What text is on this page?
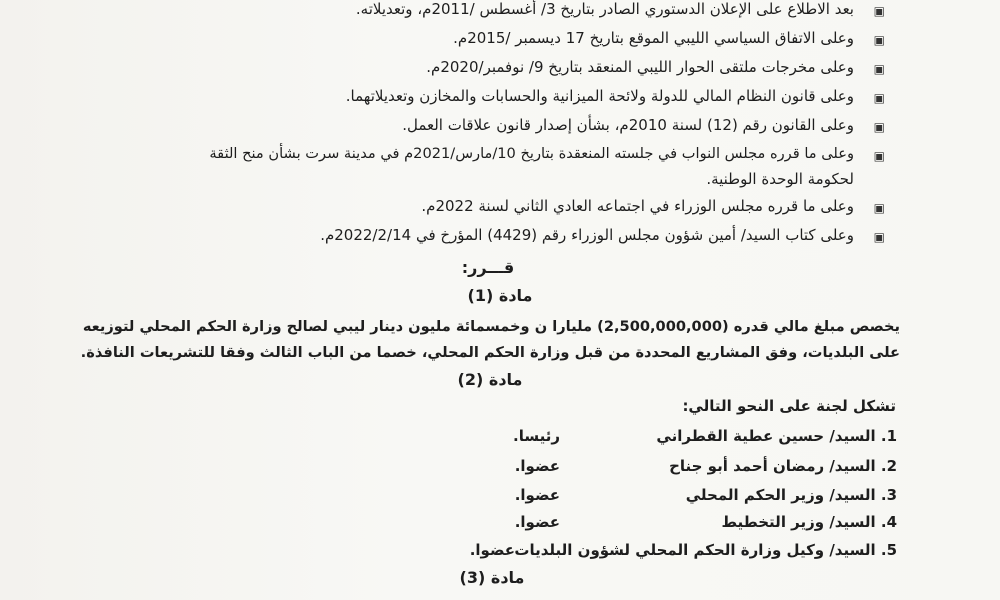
▣
بعد الاطلاع على الإعلان الدستوري الصادر بتاريخ 3/ أغسطس /2011م، وتعديلاته.
▣
وعلى الاتفاق السياسي الليبي الموقع بتاريخ 17 ديسمبر /2015م.
▣
وعلى مخرجات ملتقى الحوار الليبي المنعقد بتاريخ 9/ نوفمبر/2020م.
▣
وعلى قانون النظام المالي للدولة ولائحة الميزانية والحسابات والمخازن وتعديلاتهما.
▣
وعلى القانون رقم (12) لسنة 2010م، بشأن إصدار قانون علاقات العمل.
▣
وعلى ما قرره مجلس النواب في جلسته المنعقدة بتاريخ 10/مارس/2021م في مدينة سرت بشأن منح الثقة
لحكومة الوحدة الوطنية.
▣
وعلى ما قرره مجلس الوزراء في اجتماعه العادي الثاني لسنة 2022م.
▣
وعلى كتاب السيد/ أمين شؤون مجلس الوزراء رقم (4429) المؤرخ في 2022/2/14م.
قـــرر:
مادة (1)
يخصص مبلغ مالي قدره (2,500,000,000) مليارا ن وخمسمائة مليون دينار ليبي لصالح وزارة الحكم المحلي لتوزيعه
على البلديات، وفق المشاريع المحددة من قبل وزارة الحكم المحلي، خصما من الباب الثالث وفقا للتشريعات النافذة.
مادة (2)
تشكل لجنة على النحو التالي:
1. السيد/ حسين عطية القطراني
رئيسا.
2. السيد/ رمضان أحمد أبو جناح
عضوا.
3. السيد/ وزير الحكم المحلي
عضوا.
4. السيد/ وزير التخطيط
عضوا.
5. السيد/ وكيل وزارة الحكم المحلي لشؤون البلديات
عضوا.
مادة (3)
